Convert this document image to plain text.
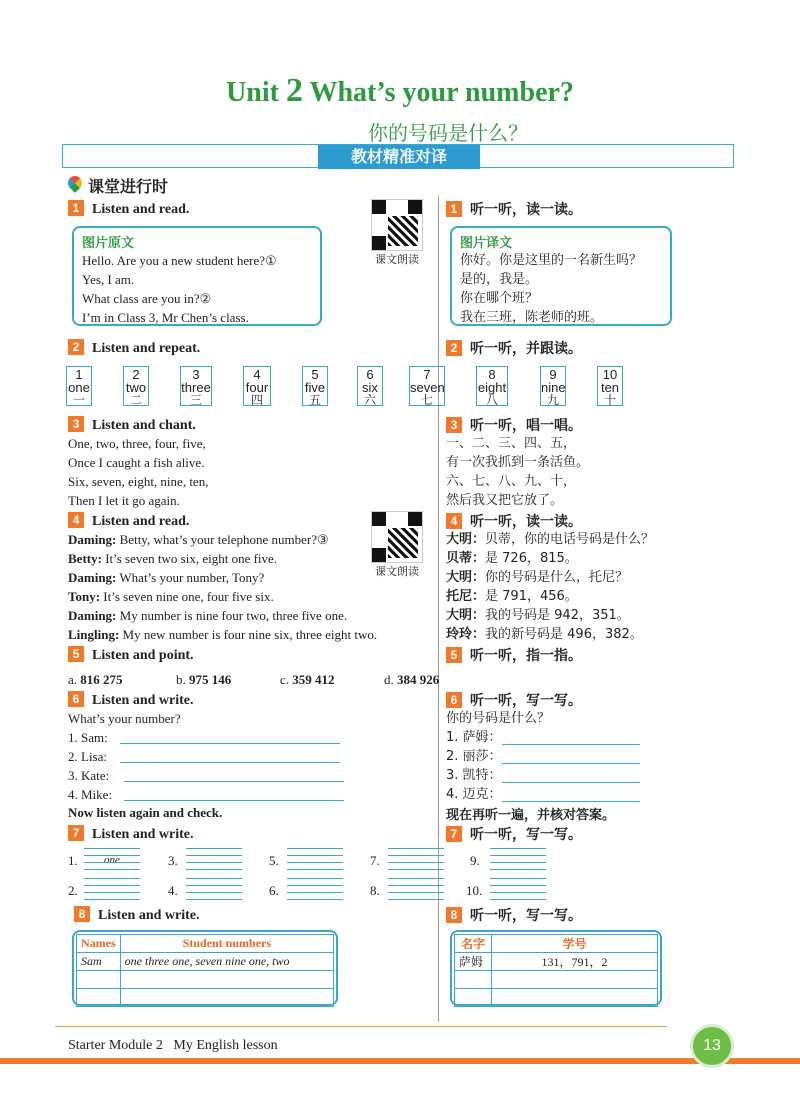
Unit 2 What’s your number?
你的号码是什么？
教材精准对译
课堂进行时
1 Listen and read.	1 听一听，读一读。
课文朗读
图片原文
Hello. Are you a new student here?①
Yes, I am.
What class are you in?②
I’m in Class 3, Mr Chen’s class.
图片译文
你好。你是这里的一名新生吗？
是的，我是。
你在哪个班？
我在三班，陈老师的班。
2 Listen and repeat.	2 听一听，并跟读。
1
one
一
2
two
二
3
three
三
4
four
四
5
five
五
6
six
六
7
seven
七
8
eight
八
9
nine
九
10
ten
十
3 Listen and chant.	3 听一听，唱一唱。
One, two, three, four, five,
Once I caught a fish alive.
Six, seven, eight, nine, ten,
Then I let it go again.
一、二、三、四、五，
有一次我抓到一条活鱼。
六、七、八、九、十，
然后我又把它放了。
4 Listen and read.	4 听一听，读一读。
课文朗读
Daming: Betty, what’s your telephone number?③
Betty: It’s seven two six, eight one five.
Daming: What’s your number, Tony?
Tony: It’s seven nine one, four five six.
Daming: My number is nine four two, three five one.
Lingling: My new number is four nine six, three eight two.
大明：贝蒂，你的电话号码是什么？
贝蒂：是 726，815。
大明：你的号码是什么，托尼？
托尼：是 791，456。
大明：我的号码是 942，351。
玲玲：我的新号码是 496，382。
5 Listen and point.	5 听一听，指一指。
a. 816 275	b. 975 146	c. 359 412	d. 384 926
6 Listen and write.	6 听一听，写一写。
What’s your number?
1. Sam:
2. Lisa:
3. Kate:
4. Mike:
你的号码是什么？
1. 萨姆：
2. 丽莎：
3. 凯特：
4. 迈克：
Now listen again and check.	现在再听一遍，并核对答案。
7 Listen and write.	7 听一听，写一写。
1.	3.	5.	7.	9.
2.	4.	6.	8.	10.
8 Listen and write.	8 听一听，写一写。
Names	Student numbers
Sam	one three one, seven nine one, two

名字	学号
萨姆	131，791，2

Starter Module 2 My English lesson	13
